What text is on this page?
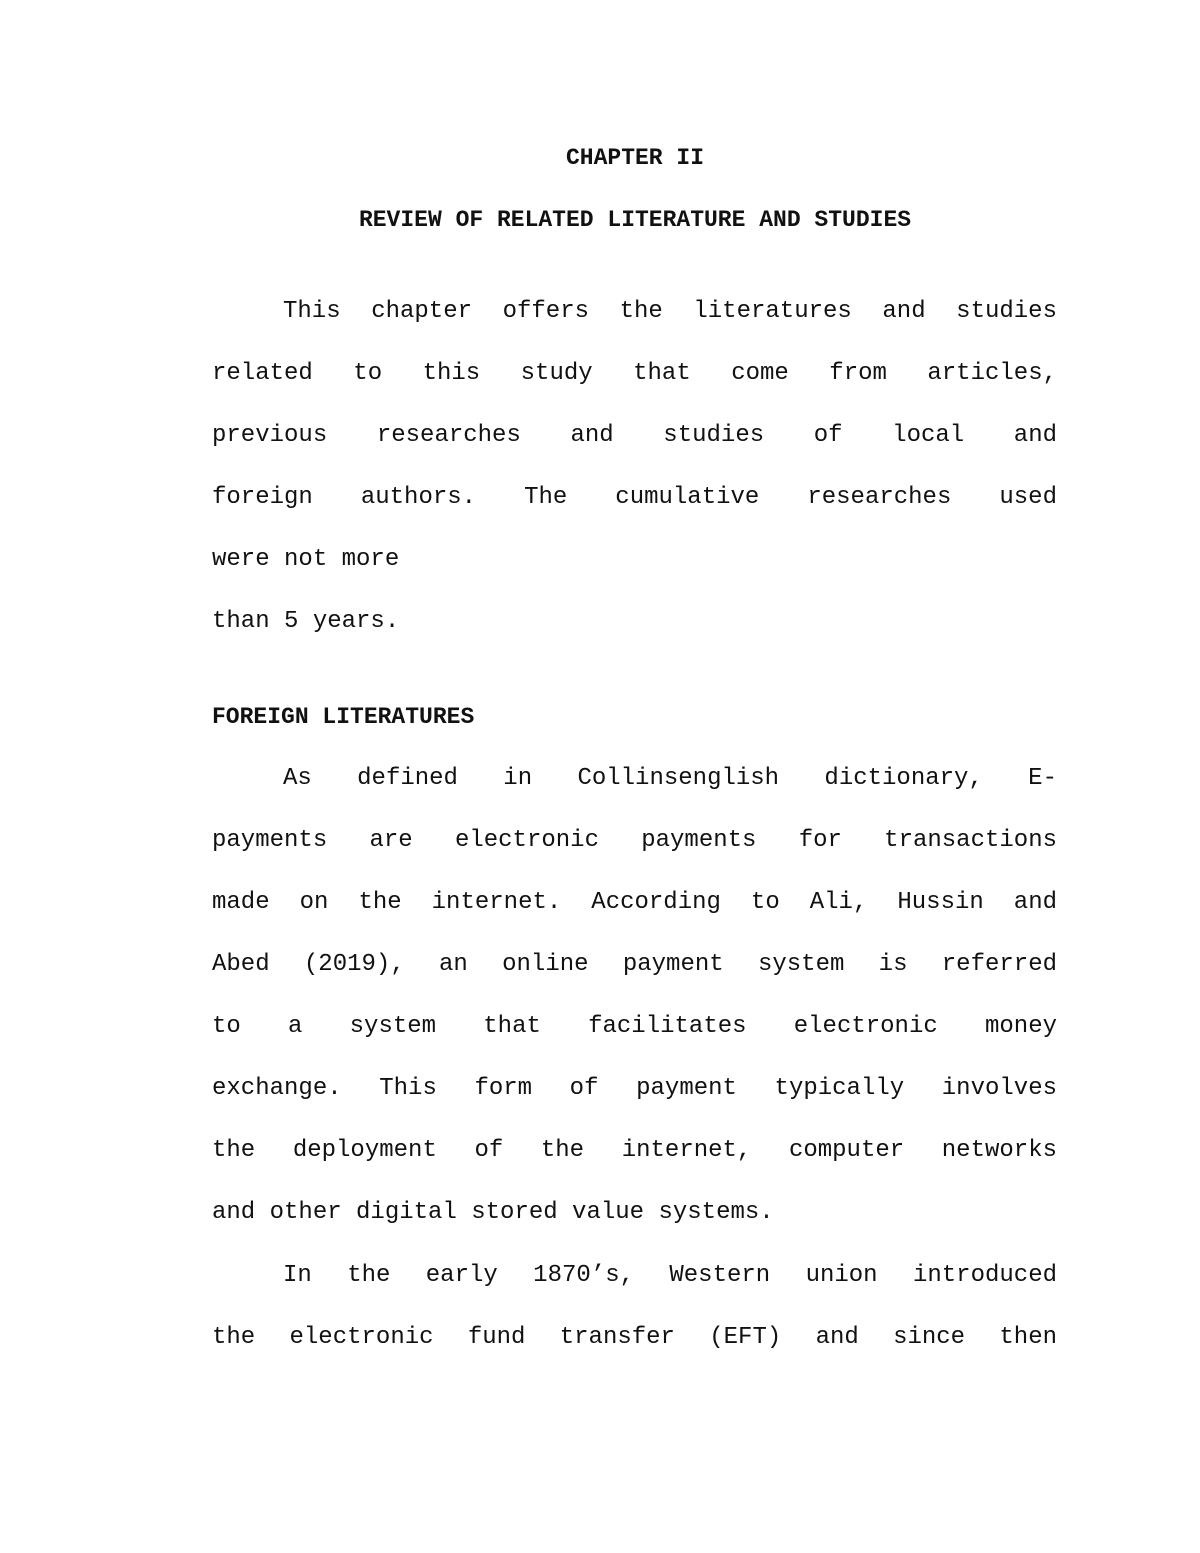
CHAPTER II
REVIEW OF RELATED LITERATURE AND STUDIES
This chapter offers the literatures and studies
related to this study that come from articles,
previous researches and studies of local and
foreign authors. The cumulative researches used
were not more
than 5 years.
FOREIGN LITERATURES
As defined in Collinsenglish dictionary, E-
payments are electronic payments for transactions
made on the internet. According to Ali, Hussin and
Abed (2019), an online payment system is referred
to a system that facilitates electronic money
exchange. This form of payment typically involves
the deployment of the internet, computer networks
and other digital stored value systems.
In the early 1870’s, Western union introduced
the electronic fund transfer (EFT) and since then
